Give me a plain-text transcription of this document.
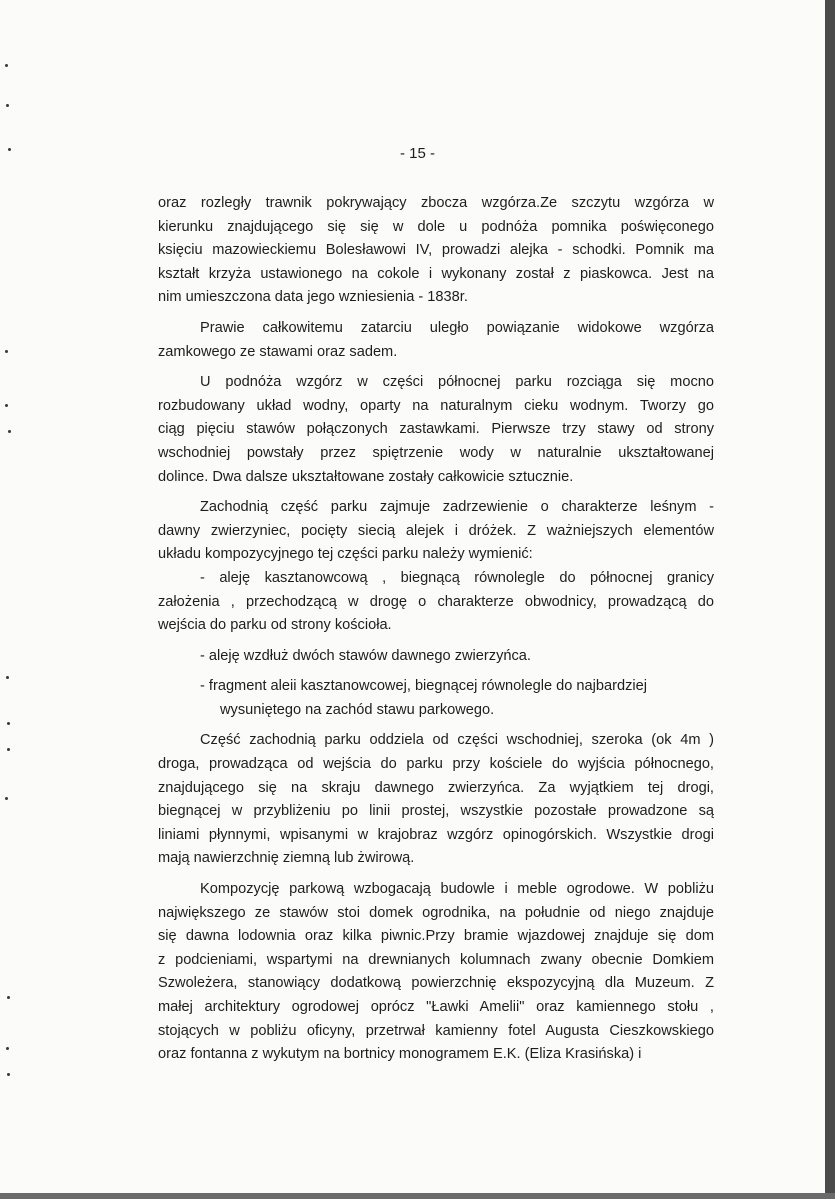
- 15 -

oraz rozległy trawnik pokrywający zbocza wzgórza.Ze szczytu wzgórza w

kierunku znajdującego się się w dole u podnóża pomnika poświęconego

księciu mazowieckiemu Bolesławowi IV, prowadzi alejka - schodki. Pomnik ma

kształt krzyża ustawionego na cokole i wykonany został z piaskowca. Jest na

nim umieszczona data jego wzniesienia - 1838r.

Prawie całkowitemu zatarciu uległo powiązanie widokowe wzgórza

zamkowego ze stawami oraz sadem.

U podnóża wzgórz w części północnej parku rozciąga się mocno

rozbudowany układ wodny, oparty na naturalnym cieku wodnym. Tworzy go

ciąg pięciu stawów połączonych zastawkami. Pierwsze trzy stawy od strony

wschodniej powstały przez spiętrzenie wody w naturalnie ukształtowanej

dolince. Dwa dalsze ukształtowane zostały całkowicie sztucznie.

Zachodnią część parku zajmuje zadrzewienie o charakterze leśnym -

dawny zwierzyniec, pocięty siecią alejek i dróżek. Z ważniejszych elementów

układu kompozycyjnego tej części parku należy wymienić:

- aleję kasztanowcową , biegnącą równolegle do północnej granicy

założenia , przechodzącą w drogę o charakterze obwodnicy, prowadzącą do

wejścia do parku od strony kościoła.

- aleję wzdłuż dwóch stawów dawnego zwierzyńca.

- fragment aleii kasztanowcowej, biegnącej równolegle do najbardziej

wysuniętego na zachód stawu parkowego.

Część zachodnią parku oddziela od części wschodniej, szeroka (ok 4m )

droga, prowadząca od wejścia do parku przy kościele do wyjścia północnego,

znajdującego się na skraju dawnego zwierzyńca. Za wyjątkiem tej drogi,

biegnącej w przybliżeniu po linii prostej, wszystkie pozostałe prowadzone są

liniami płynnymi, wpisanymi w krajobraz wzgórz opinogórskich. Wszystkie drogi

mają nawierzchnię ziemną lub żwirową.

Kompozycję parkową wzbogacają budowle i meble ogrodowe. W pobliżu

największego ze stawów stoi domek ogrodnika, na południe od niego znajduje

się dawna lodownia oraz kilka piwnic.Przy bramie wjazdowej znajduje się dom

z podcieniami, wspartymi na drewnianych kolumnach zwany obecnie Domkiem

Szwoleżera, stanowiący dodatkową powierzchnię ekspozycyjną dla Muzeum. Z

małej architektury ogrodowej oprócz "Ławki Amelii" oraz kamiennego stołu ,

stojących w pobliżu oficyny, przetrwał kamienny fotel Augusta Cieszkowskiego

oraz fontanna z wykutym na bortnicy monogramem E.K. (Eliza Krasińska) i
